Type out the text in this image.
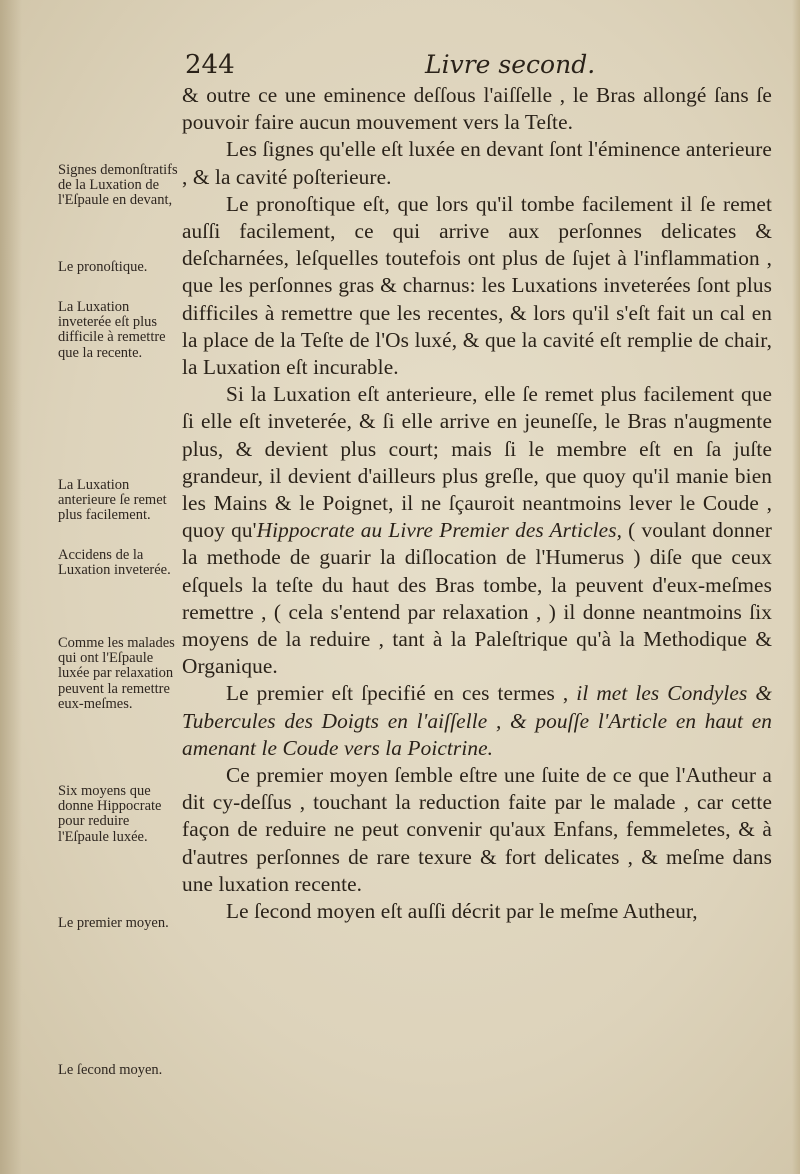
244	Livre second.

& outre ce une eminence deſſous l'aiſſelle , le Bras allongé ſans ſe pouvoir faire aucun mouvement vers la Teſte.

Les ſignes qu'elle eſt luxée en devant ſont l'éminence anterieure , & la cavité poſterieure.

Le pronoſtique eſt, que lors qu'il tombe facilement il ſe remet auſſi facilement, ce qui arrive aux perſonnes delicates & deſcharnées, leſquelles toutefois ont plus de ſujet à l'inflammation , que les perſonnes gras & charnus: les Luxations inveterées ſont plus difficiles à remettre que les recentes, & lors qu'il s'eſt fait un cal en la place de la Teſte de l'Os luxé, & que la cavité eſt remplie de chair, la Luxation eſt incurable.

Si la Luxation eſt anterieure, elle ſe remet plus facilement que ſi elle eſt inveterée, & ſi elle arrive en jeuneſſe, le Bras n'augmente plus, & devient plus court; mais ſi le membre eſt en ſa juſte grandeur, il devient d'ailleurs plus greſle, que quoy qu'il manie bien les Mains & le Poignet, il ne ſçauroit neantmoins lever le Coude , quoy qu'Hippocrate au Livre Premier des Articles, ( voulant donner la methode de guarir la diſlocation de l'Humerus ) diſe que ceux eſquels la teſte du haut des Bras tombe, la peuvent d'eux-meſmes remettre , ( cela s'entend par relaxation , ) il donne neantmoins ſix moyens de la reduire , tant à la Paleſtrique qu'à la Methodique & Organique.

Le premier eſt ſpecifié en ces termes , il met les Condyles & Tubercules des Doigts en l'aiſſelle , & pouſſe l'Article en haut en amenant le Coude vers la Poictrine.

Ce premier moyen ſemble eſtre une ſuite de ce que l'Autheur a dit cy-deſſus , touchant la reduction faite par le malade , car cette façon de reduire ne peut convenir qu'aux Enfans, femmeletes, & à d'autres perſonnes de rare texure & fort delicates , & meſme dans une luxation recente.

Le ſecond moyen eſt auſſi décrit par le meſme Autheur,

Signes demonſtratifs de la Luxation de l'Eſpaule en devant,
Le pronoſtique.
La Luxation inveterée eſt plus difficile à remettre que la recente.
La Luxation anterieure ſe remet plus facilement.
Accidens de la Luxation inveterée.
Comme les malades qui ont l'Eſpaule luxée par relaxation peuvent la remettre eux-meſmes.
Six moyens que donne Hippocrate pour reduire l'Eſpaule luxée.
Le premier moyen.
Le ſecond moyen.
